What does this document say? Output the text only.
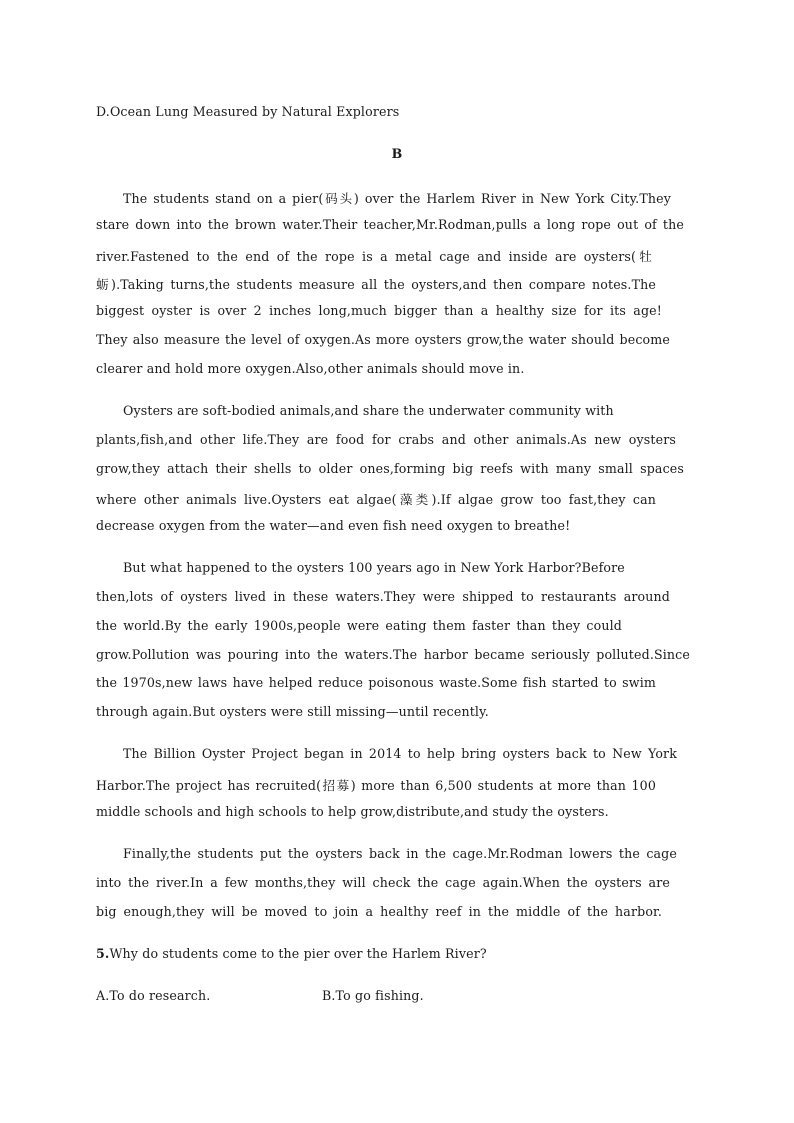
D.Ocean Lung Measured by Natural Explorers
B
The students stand on a pier(码头) over the Harlem River in New York City.They
stare down into the brown water.Their teacher,Mr.Rodman,pulls a long rope out of the
river.Fastened to the end of the rope is a metal cage and inside are oysters(牡
蛎).Taking turns,the students measure all the oysters,and then compare notes.The
biggest oyster is over 2 inches long,much bigger than a healthy size for its age!
They also measure the level of oxygen.As more oysters grow,the water should become
clearer and hold more oxygen.Also,other animals should move in.
Oysters are soft-bodied animals,and share the underwater community with
plants,fish,and other life.They are food for crabs and other animals.As new oysters
grow,they attach their shells to older ones,forming big reefs with many small spaces
where other animals live.Oysters eat algae(藻类).If algae grow too fast,they can
decrease oxygen from the water—and even fish need oxygen to breathe!
But what happened to the oysters 100 years ago in New York Harbor?Before
then,lots of oysters lived in these waters.They were shipped to restaurants around
the world.By the early 1900s,people were eating them faster than they could
grow.Pollution was pouring into the waters.The harbor became seriously polluted.Since
the 1970s,new laws have helped reduce poisonous waste.Some fish started to swim
through again.But oysters were still missing—until recently.
The Billion Oyster Project began in 2014 to help bring oysters back to New York
Harbor.The project has recruited(招募) more than 6,500 students at more than 100
middle schools and high schools to help grow,distribute,and study the oysters.
Finally,the students put the oysters back in the cage.Mr.Rodman lowers the cage
into the river.In a few months,they will check the cage again.When the oysters are
big enough,they will be moved to join a healthy reef in the middle of the harbor.
5.Why do students come to the pier over the Harlem River?
A.To do research.	B.To go fishing.
